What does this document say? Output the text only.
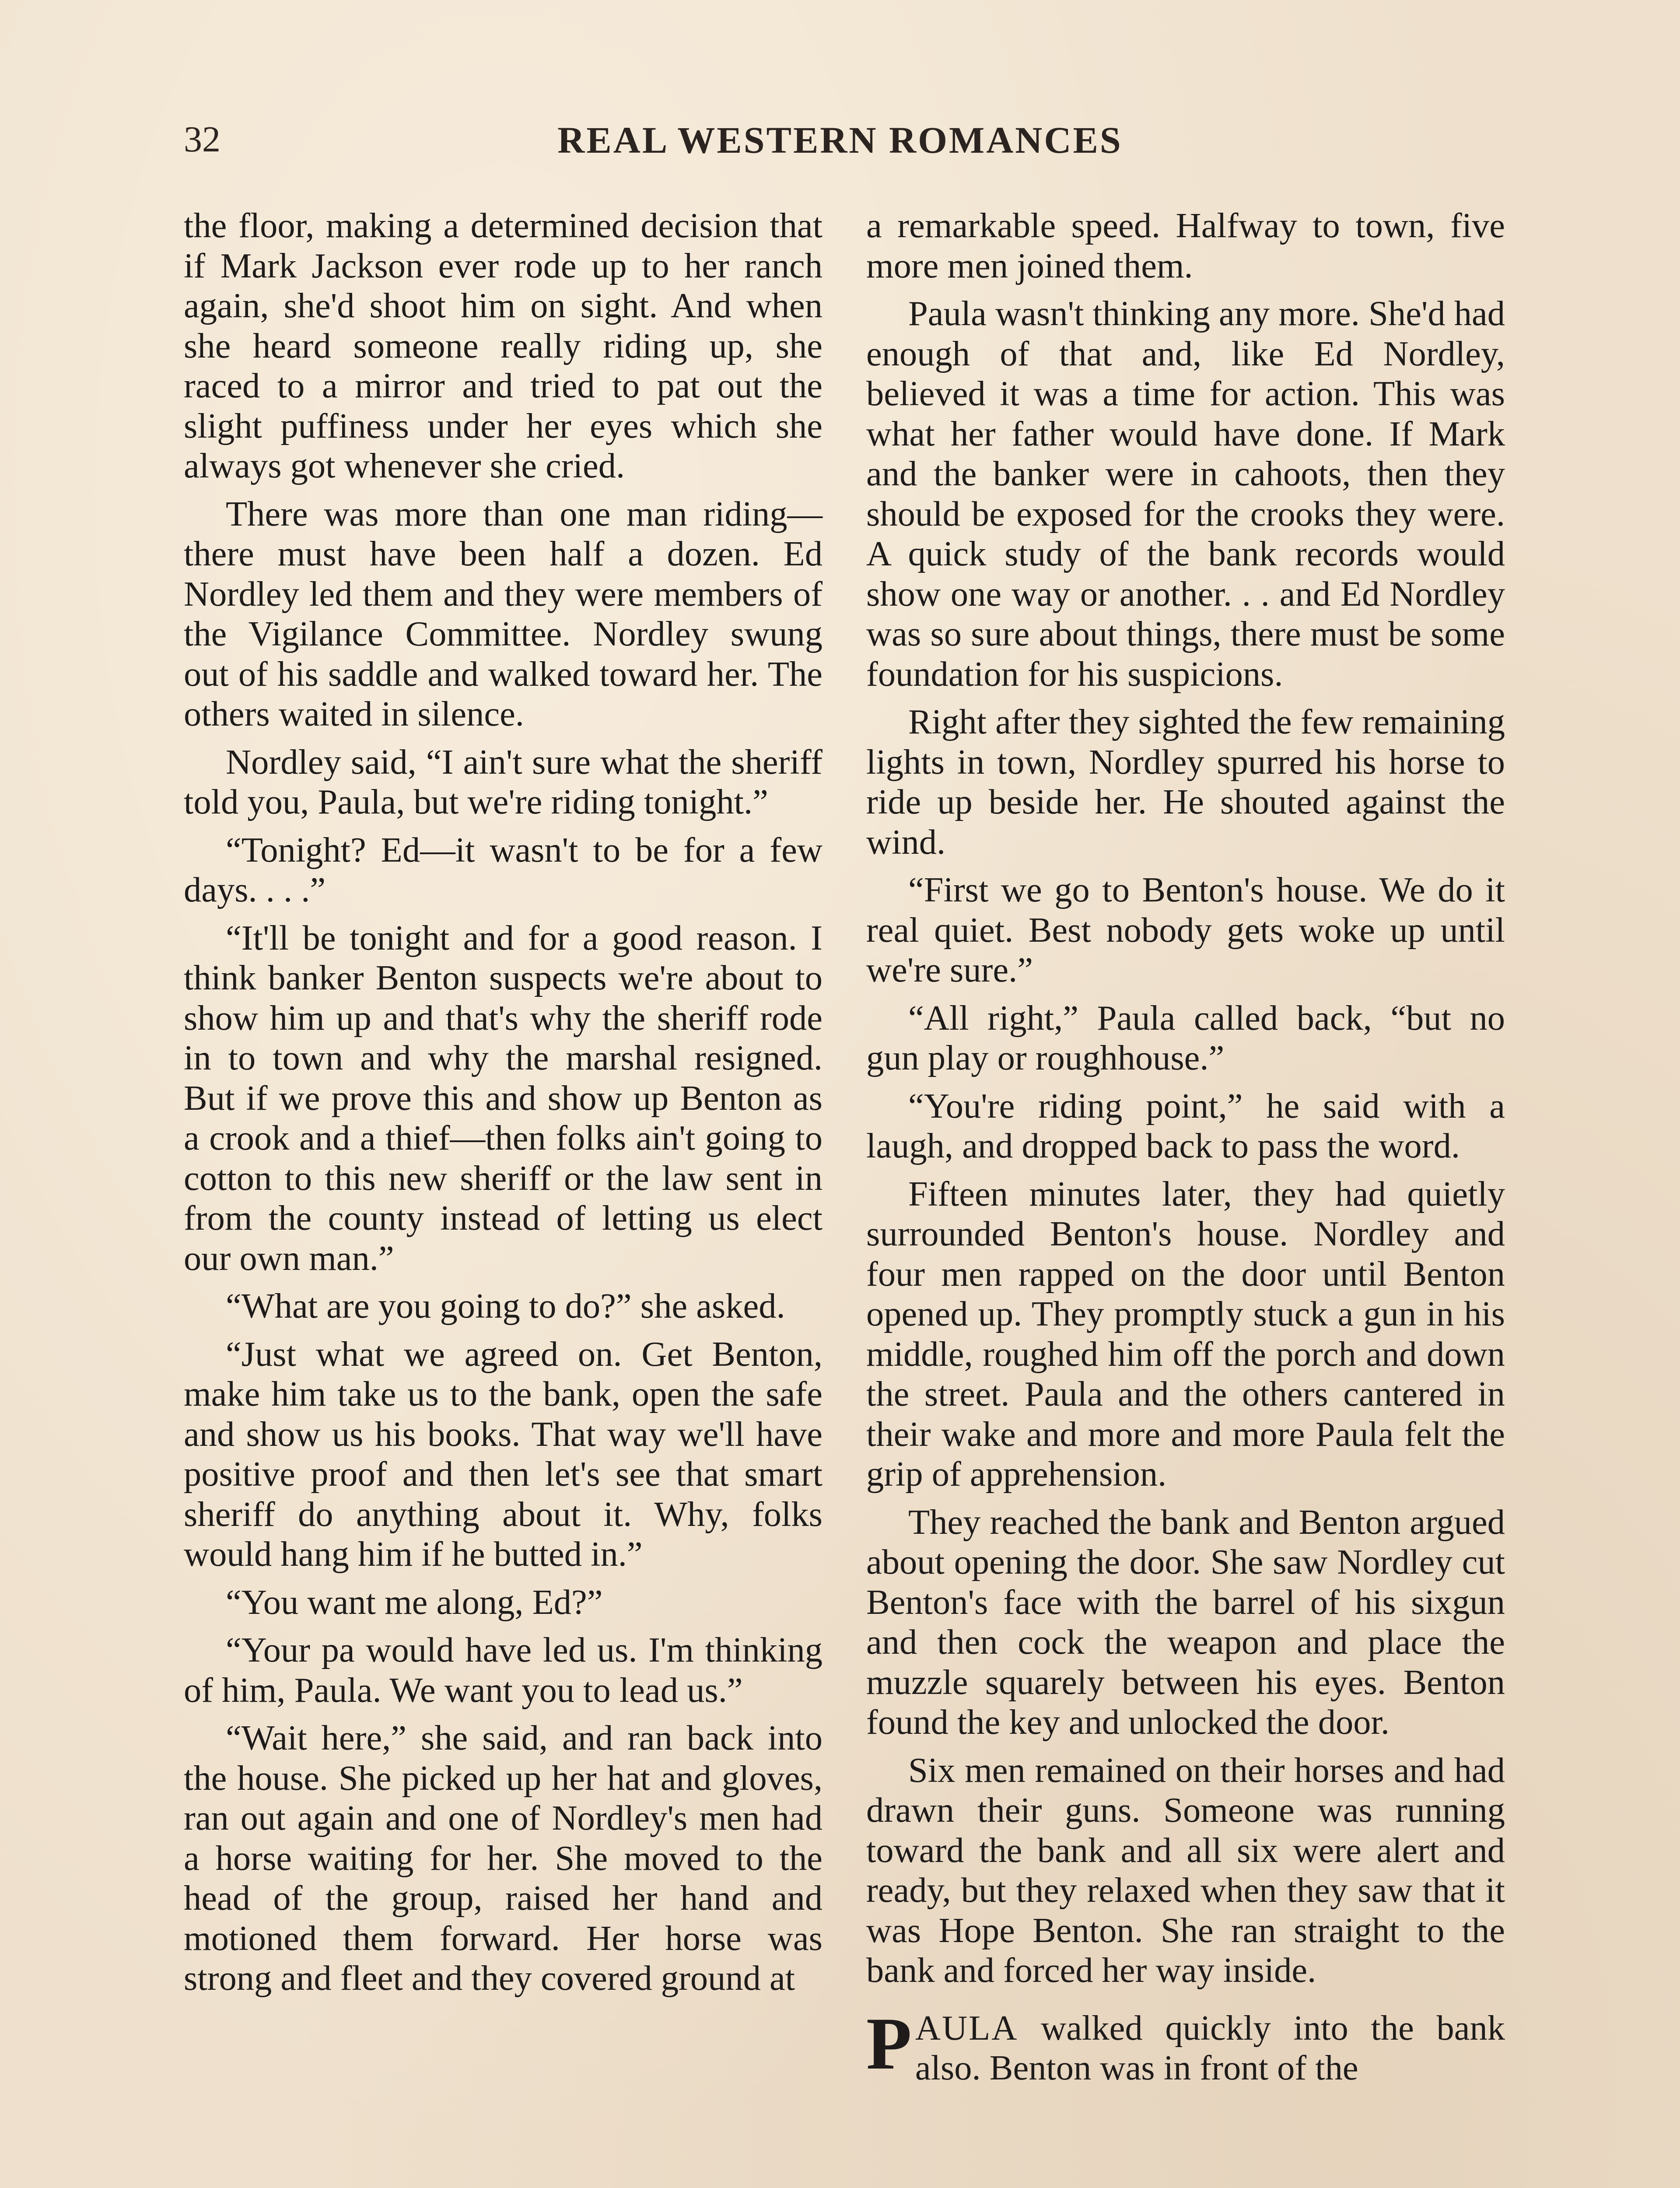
32	REAL WESTERN ROMANCES

the floor, making a determined decision that if Mark Jackson ever rode up to her ranch again, she'd shoot him on sight. And when she heard someone really riding up, she raced to a mirror and tried to pat out the slight puffiness under her eyes which she always got whenever she cried.

There was more than one man riding—there must have been half a dozen. Ed Nordley led them and they were members of the Vigilance Committee. Nordley swung out of his saddle and walked toward her. The others waited in silence.

Nordley said, “I ain't sure what the sheriff told you, Paula, but we're riding tonight.”

“Tonight? Ed—it wasn't to be for a few days. . . .”

“It'll be tonight and for a good reason. I think banker Benton suspects we're about to show him up and that's why the sheriff rode in to town and why the marshal resigned. But if we prove this and show up Benton as a crook and a thief—then folks ain't going to cotton to this new sheriff or the law sent in from the county instead of letting us elect our own man.”

“What are you going to do?” she asked.

“Just what we agreed on. Get Benton, make him take us to the bank, open the safe and show us his books. That way we'll have positive proof and then let's see that smart sheriff do anything about it. Why, folks would hang him if he butted in.”

“You want me along, Ed?”

“Your pa would have led us. I'm thinking of him, Paula. We want you to lead us.”

“Wait here,” she said, and ran back into the house. She picked up her hat and gloves, ran out again and one of Nordley's men had a horse waiting for her. She moved to the head of the group, raised her hand and motioned them forward. Her horse was strong and fleet and they covered ground at

a remarkable speed. Halfway to town, five more men joined them.

Paula wasn't thinking any more. She'd had enough of that and, like Ed Nordley, believed it was a time for action. This was what her father would have done. If Mark and the banker were in cahoots, then they should be exposed for the crooks they were. A quick study of the bank records would show one way or another. . . and Ed Nordley was so sure about things, there must be some foundation for his suspicions.

Right after they sighted the few remaining lights in town, Nordley spurred his horse to ride up beside her. He shouted against the wind.

“First we go to Benton's house. We do it real quiet. Best nobody gets woke up until we're sure.”

“All right,” Paula called back, “but no gun play or roughhouse.”

“You're riding point,” he said with a laugh, and dropped back to pass the word.

Fifteen minutes later, they had quietly surrounded Benton's house. Nordley and four men rapped on the door until Benton opened up. They promptly stuck a gun in his middle, roughed him off the porch and down the street. Paula and the others cantered in their wake and more and more Paula felt the grip of apprehension.

They reached the bank and Benton argued about opening the door. She saw Nordley cut Benton's face with the barrel of his sixgun and then cock the weapon and place the muzzle squarely between his eyes. Benton found the key and unlocked the door.

Six men remained on their horses and had drawn their guns. Someone was running toward the bank and all six were alert and ready, but they relaxed when they saw that it was Hope Benton. She ran straight to the bank and forced her way inside.

PAULA walked quickly into the bank also. Benton was in front of the
